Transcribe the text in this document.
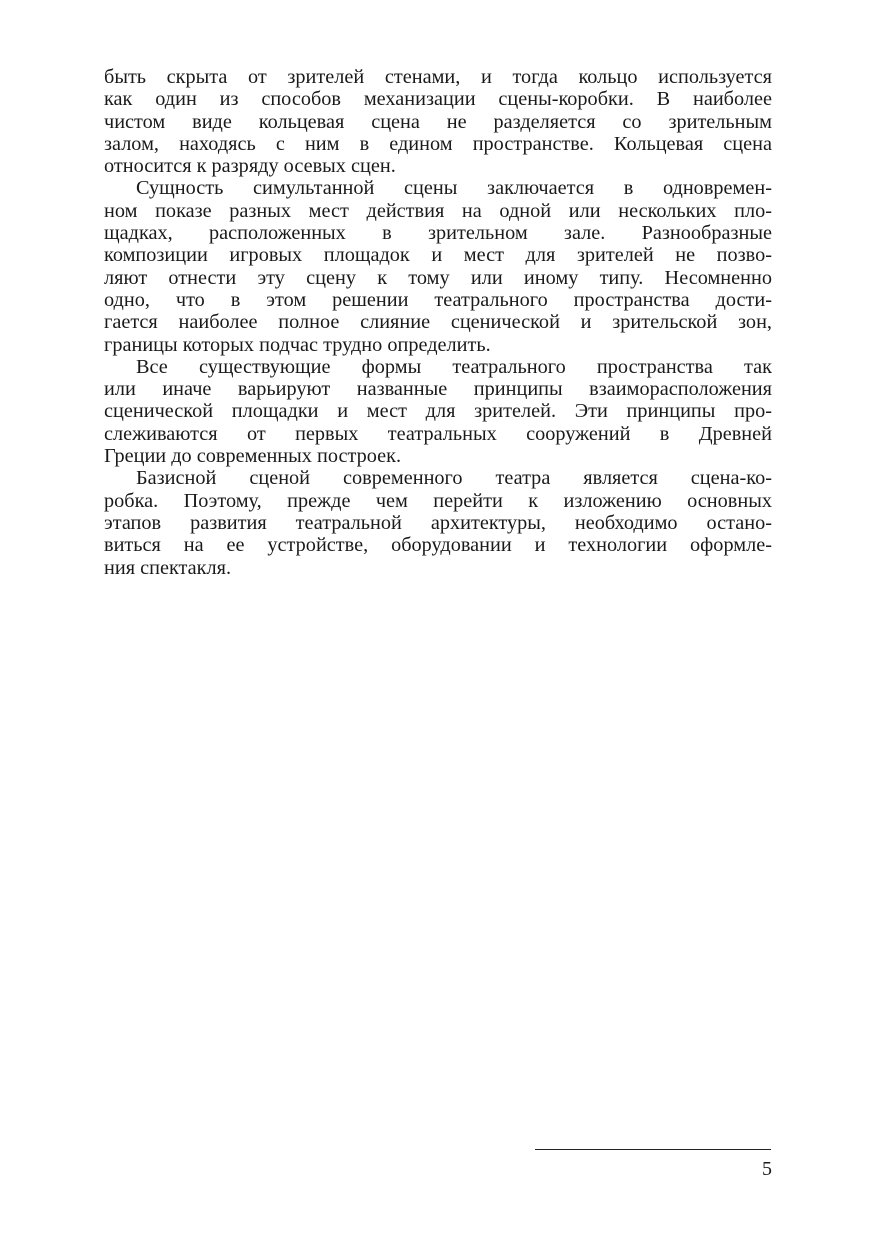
быть скрыта от зрителей стенами, и тогда кольцо используется
как один из способов механизации сцены-коробки. В наиболее
чистом виде кольцевая сцена не разделяется со зрительным
залом, находясь с ним в едином пространстве. Кольцевая сцена
относится к разряду осевых сцен.

Сущность симультанной сцены заключается в одновремен-
ном показе разных мест действия на одной или нескольких пло-
щадках, расположенных в зрительном зале. Разнообразные
композиции игровых площадок и мест для зрителей не позво-
ляют отнести эту сцену к тому или иному типу. Несомненно
одно, что в этом решении театрального пространства дости-
гается наиболее полное слияние сценической и зрительской зон,
границы которых подчас трудно определить.

Все существующие формы театрального пространства так
или иначе варьируют названные принципы взаиморасположения
сценической площадки и мест для зрителей. Эти принципы про-
слеживаются от первых театральных сооружений в Древней
Греции до современных построек.

Базисной сценой современного театра является сцена-ко-
робка. Поэтому, прежде чем перейти к изложению основных
этапов развития театральной архитектуры, необходимо остано-
виться на ее устройстве, оборудовании и технологии оформле-
ния спектакля.

5
